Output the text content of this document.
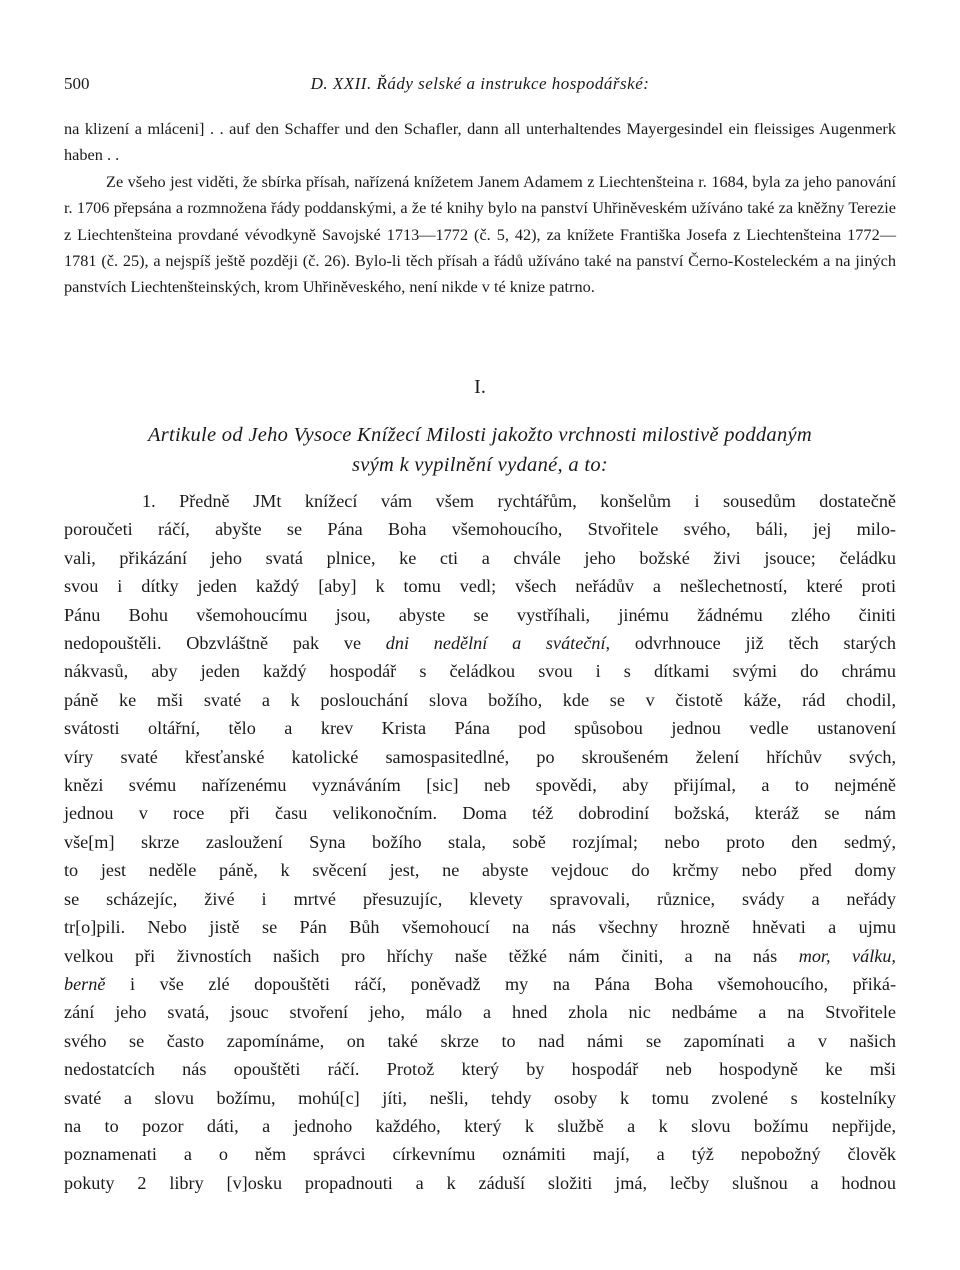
500	D. XXII. Řády selské a instrukce hospodářské:

na klizení a mláceni] . . auf den Schaffer und den Schafler, dann all unterhaltendes Mayergesindel ein fleissiges Augenmerk haben . .

Ze všeho jest viděti, že sbírka přísah, nařízená knížetem Janem Adamem z Liechtenšteina r. 1684, byla za jeho panování r. 1706 přepsána a rozmnožena řády poddanskými, a že té knihy bylo na panství Uhřiněveském užíváno také za kněžny Terezie z Liechtenšteina provdané vévodkyně Savojské 1713—1772 (č. 5, 42), za knížete Františka Josefa z Liechtenšteina 1772—1781 (č. 25), a nejspíš ještě později (č. 26). Bylo-li těch přísah a řádů užíváno také na panství Černo-Kosteleckém a na jiných panstvích Liechtenšteinských, krom Uhřiněveského, není nikde v té knize patrno.

I.
Artikule od Jeho Vysoce Knížecí Milosti jakožto vrchnosti milostivě poddaným
svým k vypilnění vydané, a to:
1. Předně JMt knížecí vám všem rychtářům, konšelům i sousedům dostatečně
poroučeti ráčí, abyšte se Pána Boha všemohoucího, Stvořitele svého, báli, jej milo-
vali, přikázání jeho svatá plnice, ke cti a chvále jeho božské živi jsouce; čeládku
svou i dítky jeden každý [aby] k tomu vedl; všech neřádův a nešlechetností, které proti
Pánu Bohu všemohoucímu jsou, abyste se vystříhali, jinému žádnému zlého činiti
nedopouštěli. Obzvláštně pak ve dni nedělní a sváteční, odvrhnouce již těch starých
nákvasů, aby jeden každý hospodář s čeládkou svou i s dítkami svými do chrámu
páně ke mši svaté a k poslouchání slova božího, kde se v čistotě káže, rád chodil,
svátosti oltářní, tělo a krev Krista Pána pod spůsobou jednou vedle ustanovení
víry svaté křesťanské katolické samospasitedlné, po skroušeném želení hříchův svých,
knězi svému nařízenému vyznáváním [sic] neb spovědi, aby přijímal, a to nejméně
jednou v roce při času velikonočním. Doma též dobrodiní božská, kteráž se nám
vše[m] skrze zasloužení Syna božího stala, sobě rozjímal; nebo proto den sedmý,
to jest neděle páně, k svěcení jest, ne abyste vejdouc do krčmy nebo před domy
se scházejíc, živé i mrtvé přesuzujíc, klevety spravovali, různice, svády a neřády
tr[o]pili. Nebo jistě se Pán Bůh všemohoucí na nás všechny hrozně hněvati a ujmu
velkou při živnostích našich pro hříchy naše těžké nám činiti, a na nás mor, válku,
berně i vše zlé dopouštěti ráčí, poněvadž my na Pána Boha všemohoucího, přiká-
zání jeho svatá, jsouc stvoření jeho, málo a hned zhola nic nedbáme a na Stvořitele
svého se často zapomínáme, on také skrze to nad námi se zapomínati a v našich
nedostatcích nás opouštěti ráčí. Protož který by hospodář neb hospodyně ke mši
svaté a slovu božímu, mohú[c] jíti, nešli, tehdy osoby k tomu zvolené s kostelníky
na to pozor dáti, a jednoho každého, který k službě a k slovu božímu nepřijde,
poznamenati a o něm správci církevnímu oznámiti mají, a týž nepobožný člověk
pokuty 2 libry [v]osku propadnouti a k záduší složiti jmá, lečby slušnou a hodnou
